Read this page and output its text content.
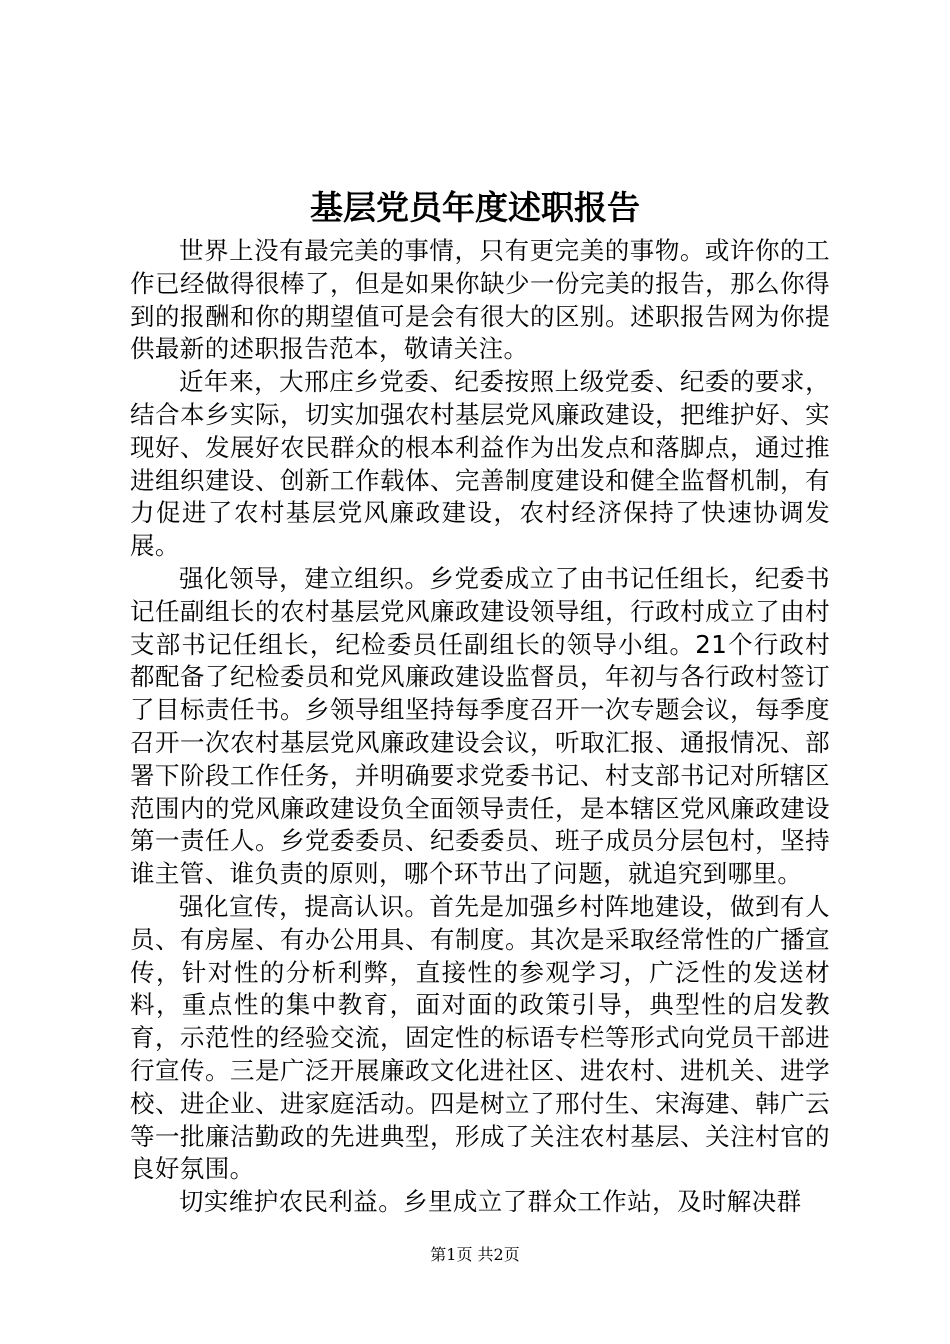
基层党员年度述职报告

世界上没有最完美的事情，只有更完美的事物。或许你的工作已经做得很棒了，但是如果你缺少一份完美的报告，那么你得到的报酬和你的期望值可是会有很大的区别。述职报告网为你提供最新的述职报告范本，敬请关注。

近年来，大邢庄乡党委、纪委按照上级党委、纪委的要求，结合本乡实际，切实加强农村基层党风廉政建设，把维护好、实现好、发展好农民群众的根本利益作为出发点和落脚点，通过推进组织建设、创新工作载体、完善制度建设和健全监督机制，有力促进了农村基层党风廉政建设，农村经济保持了快速协调发展。

强化领导，建立组织。乡党委成立了由书记任组长，纪委书记任副组长的农村基层党风廉政建设领导组，行政村成立了由村支部书记任组长，纪检委员任副组长的领导小组。21个行政村都配备了纪检委员和党风廉政建设监督员，年初与各行政村签订了目标责任书。乡领导组坚持每季度召开一次专题会议，每季度召开一次农村基层党风廉政建设会议，听取汇报、通报情况、部署下阶段工作任务，并明确要求党委书记、村支部书记对所辖区范围内的党风廉政建设负全面领导责任，是本辖区党风廉政建设第一责任人。乡党委委员、纪委委员、班子成员分层包村，坚持谁主管、谁负责的原则，哪个环节出了问题，就追究到哪里。

强化宣传，提高认识。首先是加强乡村阵地建设，做到有人员、有房屋、有办公用具、有制度。其次是采取经常性的广播宣传，针对性的分析利弊，直接性的参观学习，广泛性的发送材料，重点性的集中教育，面对面的政策引导，典型性的启发教育，示范性的经验交流，固定性的标语专栏等形式向党员干部进行宣传。三是广泛开展廉政文化进社区、进农村、进机关、进学校、进企业、进家庭活动。四是树立了邢付生、宋海建、韩广云等一批廉洁勤政的先进典型，形成了关注农村基层、关注村官的良好氛围。

切实维护农民利益。乡里成立了群众工作站，及时解决群

第1页 共2页
